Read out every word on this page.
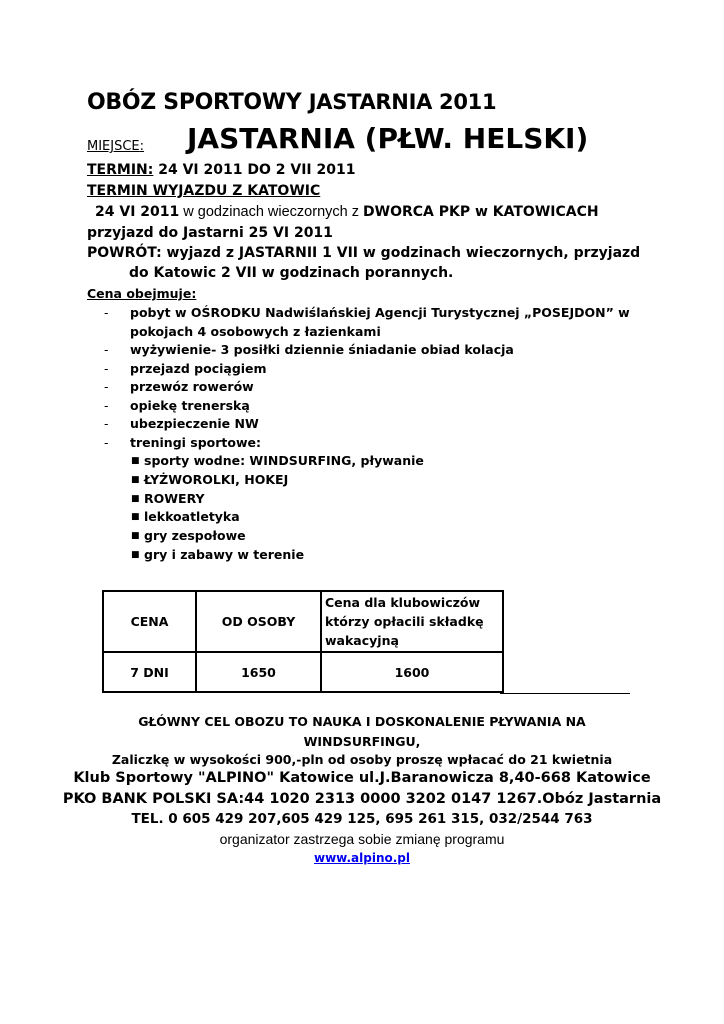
OBÓZ SPORTOWY JASTARNIA 2011
MIEJSCE: JASTARNIA (PŁW. HELSKI)
TERMIN: 24 VI 2011 DO 2 VII 2011
TERMIN WYJAZDU Z KATOWIC
24 VI 2011 w godzinach wieczornych z DWORCA PKP w KATOWICACH
przyjazd do Jastarni 25 VI 2011
POWRÓT: wyjazd z JASTARNII 1 VII w godzinach wieczornych, przyjazd
do Katowic 2 VII w godzinach porannych.
Cena obejmuje:
- pobyt w OŚRODKU Nadwiślańskiej Agencji Turystycznej „POSEJDON” w
pokojach 4 osobowych z łazienkami
- wyżywienie- 3 posiłki dziennie śniadanie obiad kolacja
- przejazd pociągiem
- przewóz rowerów
- opiekę trenerską
- ubezpieczenie NW
- treningi sportowe:
■ sporty wodne: WINDSURFING, pływanie
■ ŁYŻWOROLKI, HOKEJ
■ ROWERY
■ lekkoatletyka
■ gry zespołowe
■ gry i zabawy w terenie
CENA	OD OSOBY	Cena dla klubowiczów
którzy opłacili składkę
wakacyjną

7 DNI	1650	1600
GŁÓWNY CEL OBOZU TO NAUKA I DOSKONALENIE PŁYWANIA NA
WINDSURFINGU,
Zaliczkę w wysokości 900,-pln od osoby proszę wpłacać do 21 kwietnia
Klub Sportowy "ALPINO" Katowice ul.J.Baranowicza 8,40-668 Katowice
PKO BANK POLSKI SA:44 1020 2313 0000 3202 0147 1267.Obóz Jastarnia
TEL. 0 605 429 207,605 429 125, 695 261 315, 032/2544 763
organizator zastrzega sobie zmianę programu
www.alpino.pl
